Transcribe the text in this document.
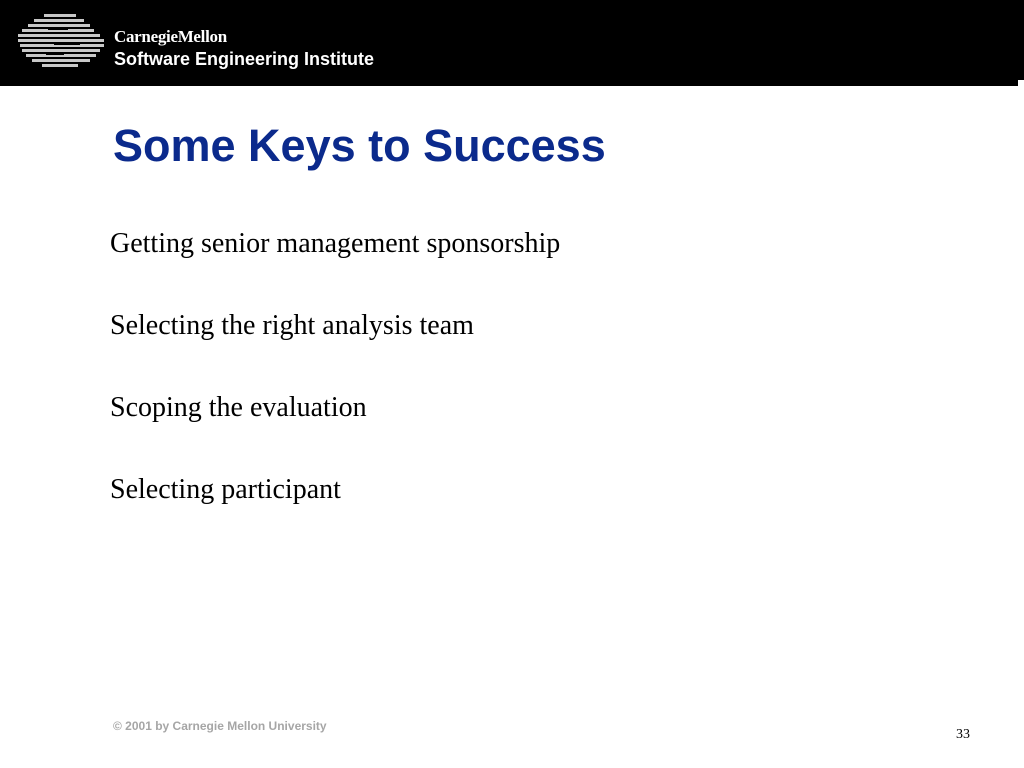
CarnegieMellon
Software Engineering Institute
Some Keys to Success
Getting senior management sponsorship
Selecting the right analysis team
Scoping the evaluation
Selecting participant
© 2001 by Carnegie Mellon University
33
